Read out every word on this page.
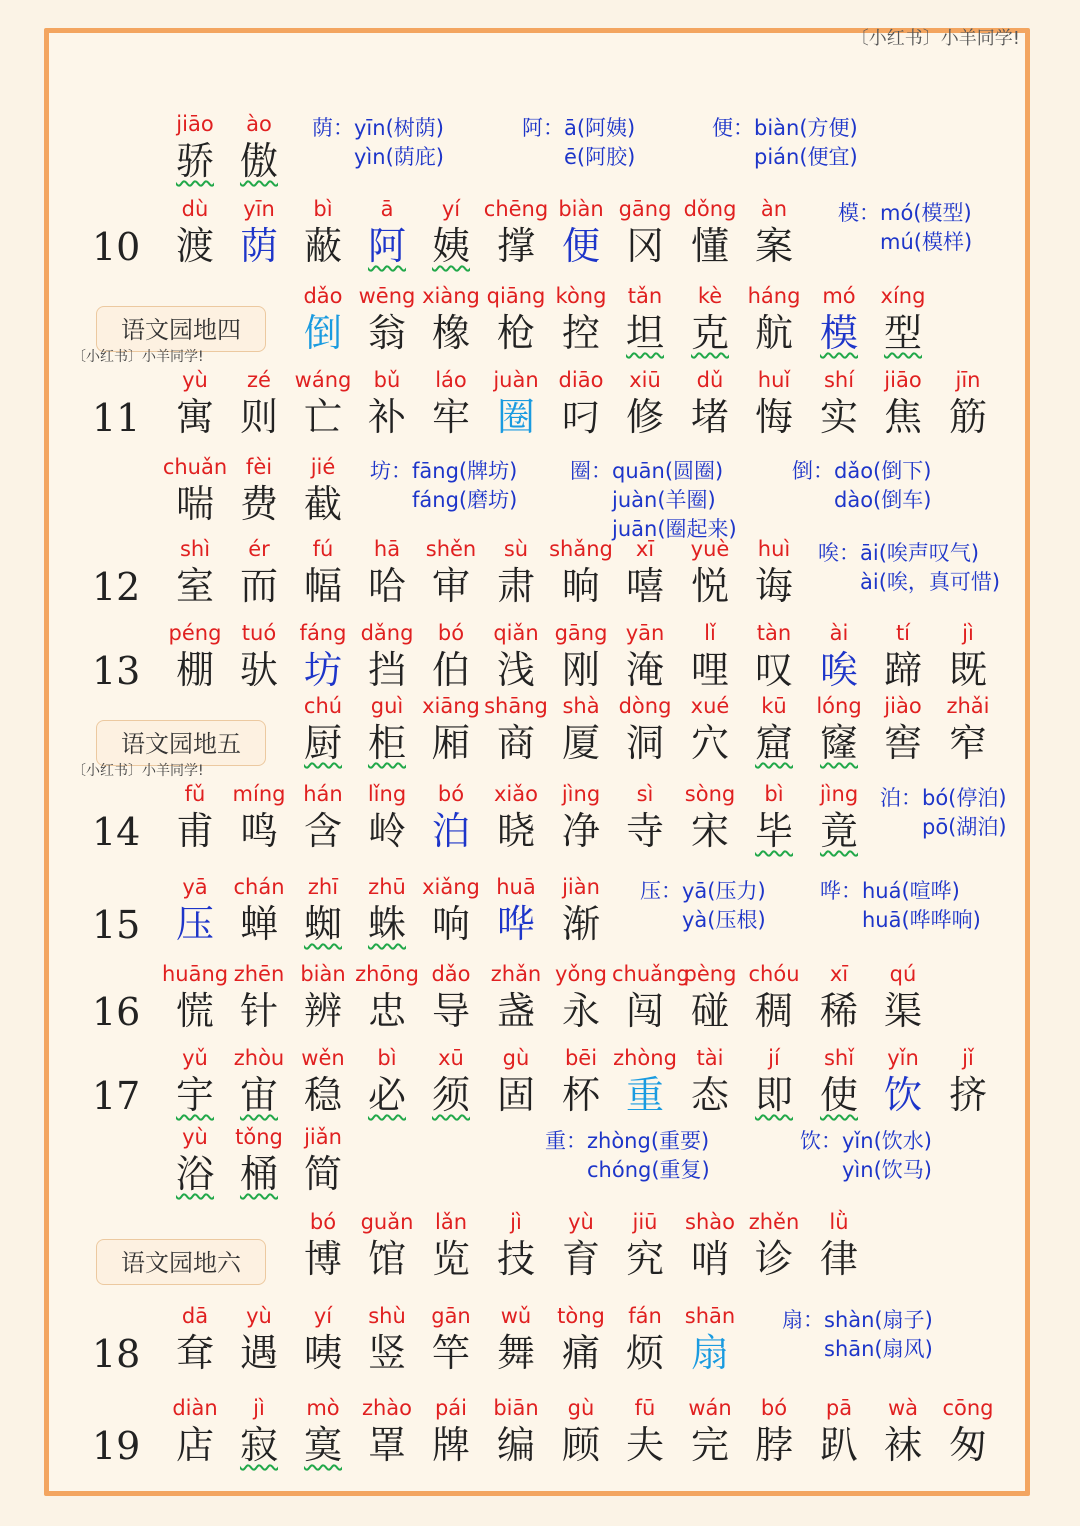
〔小红书〕小羊同学!
jiāo
骄
ào
傲
荫：yīn(树荫)
　　yìn(荫庇)
阿：ā(阿姨)
　　ē(阿胶)
便：biàn(方便)
　　pián(便宜)
10
dù
渡
yīn
荫
bì
蔽
ā
阿
yí
姨
chēng
撑
biàn
便
gāng
冈
dǒng
懂
àn
案
模：mó(模型)
　　mú(模样)
dǎo
倒
wēng
翁
xiàng
橡
qiāng
枪
kòng
控
tǎn
坦
kè
克
háng
航
mó
模
xíng
型
11
yù
寓
zé
则
wáng
亡
bǔ
补
láo
牢
juàn
圈
diāo
叼
xiū
修
dǔ
堵
huǐ
悔
shí
实
jiāo
焦
jīn
筋
chuǎn
喘
fèi
费
jié
截
坊：fāng(牌坊)
　　fáng(磨坊)
圈：quān(圆圈)
　　juàn(羊圈)
　　juān(圈起来)
倒：dǎo(倒下)
　　dào(倒车)
12
shì
室
ér
而
fú
幅
hā
哈
shěn
审
sù
肃
shǎng
晌
xī
嘻
yuè
悦
huì
诲
唉：āi(唉声叹气)
　　ài(唉，真可惜)
13
péng
棚
tuó
驮
fáng
坊
dǎng
挡
bó
伯
qiǎn
浅
gāng
刚
yān
淹
lǐ
哩
tàn
叹
ài
唉
tí
蹄
jì
既
chú
厨
guì
柜
xiāng
厢
shāng
商
shà
厦
dòng
洞
xué
穴
kū
窟
lóng
窿
jiào
窖
zhǎi
窄
14
fǔ
甫
míng
鸣
hán
含
lǐng
岭
bó
泊
xiǎo
晓
jìng
净
sì
寺
sòng
宋
bì
毕
jìng
竟
泊：bó(停泊)
　　pō(湖泊)
15
yā
压
chán
蝉
zhī
蜘
zhū
蛛
xiǎng
响
huā
哗
jiàn
渐
压：yā(压力)
　　yà(压根)
哗：huá(喧哗)
　　huā(哗哗响)
16
huāng
慌
zhēn
针
biàn
辨
zhōng
忠
dǎo
导
zhǎn
盏
yǒng
永
chuǎng
闯
pèng
碰
chóu
稠
xī
稀
qú
渠
17
yǔ
宇
zhòu
宙
wěn
稳
bì
必
xū
须
gù
固
bēi
杯
zhòng
重
tài
态
jí
即
shǐ
使
yǐn
饮
jǐ
挤
yù
浴
tǒng
桶
jiǎn
简
重：zhòng(重要)
　　chóng(重复)
饮：yǐn(饮水)
　　yìn(饮马)
bó
博
guǎn
馆
lǎn
览
jì
技
yù
育
jiū
究
shào
哨
zhěn
诊
lǜ
律
18
dā
耷
yù
遇
yí
咦
shù
竖
gān
竿
wǔ
舞
tòng
痛
fán
烦
shān
扇
扇：shàn(扇子)
　　shān(扇风)
19
diàn
店
jì
寂
mò
寞
zhào
罩
pái
牌
biān
编
gù
顾
fū
夫
wán
完
bó
脖
pā
趴
wà
袜
cōng
匆
语文园地四
语文园地五
语文园地六
〔小红书〕小羊同学!
〔小红书〕小羊同学!
